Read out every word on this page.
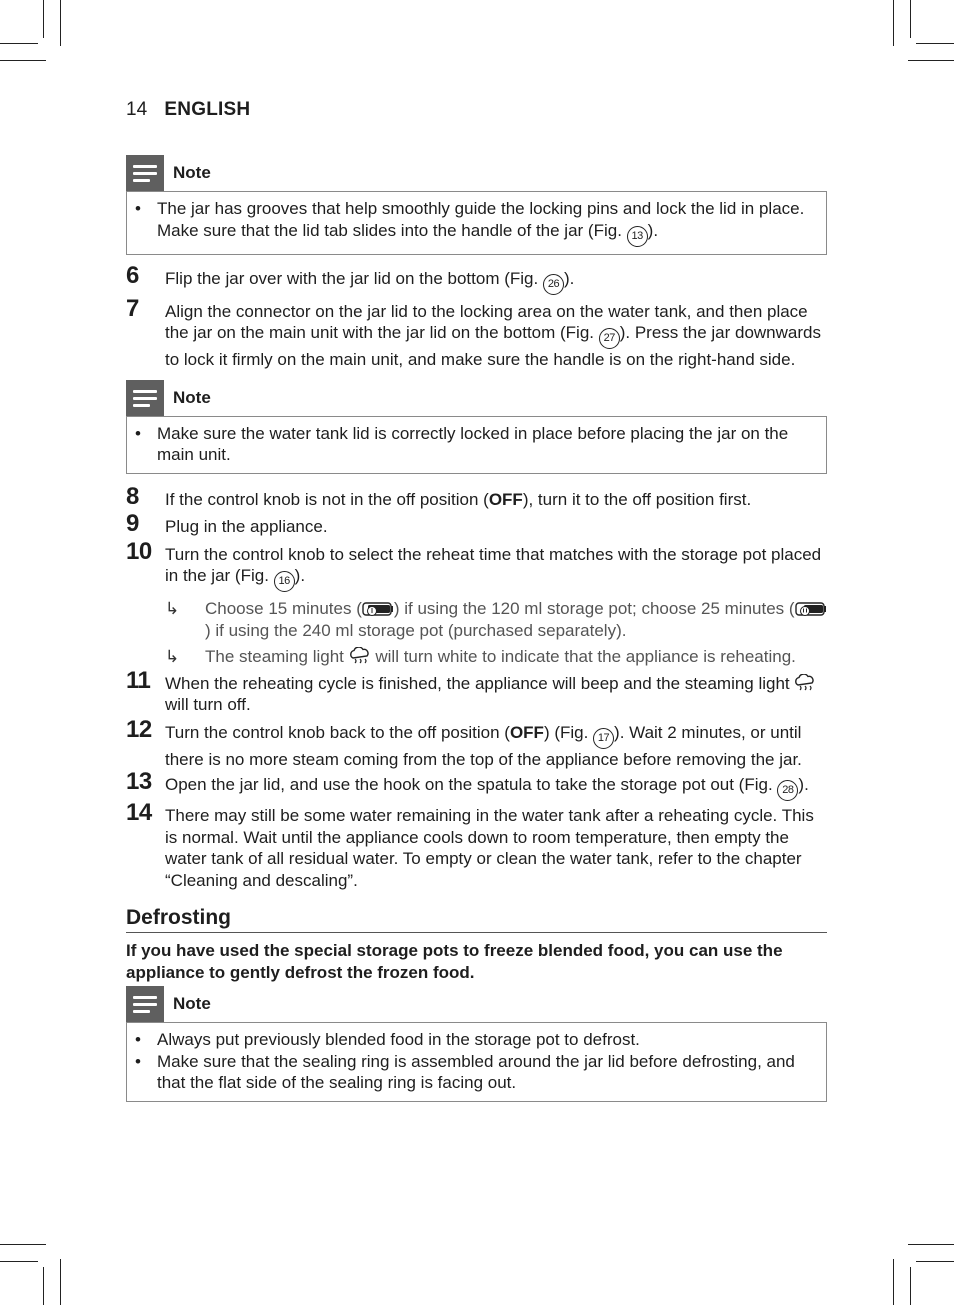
14 ENGLISH
Note

• The jar has grooves that help smoothly guide the locking pins and lock the lid in place. Make sure that the lid tab slides into the handle of the jar (Fig. 13 ).

6 Flip the jar over with the jar lid on the bottom (Fig. 26 ).
7 Align the connector on the jar lid to the locking area on the water tank, and then place the jar on the main unit with the jar lid on the bottom (Fig. 27 ). Press the jar downwards to lock it firmly on the main unit, and make sure the handle is on the right-hand side.
Note

• Make sure the water tank lid is correctly locked in place before placing the jar on the main unit.

8 If the control knob is not in the off position (OFF), turn it to the off position first.
9 Plug in the appliance.
10 Turn the control knob to select the reheat time that matches with the storage pot placed in the jar (Fig. 16 ).
↳ Choose 15 minutes ( ) if using the 120 ml storage pot; choose 25 minutes () if using the 240 ml storage pot (purchased separately).
↳ The steaming light  will turn white to indicate that the appliance is reheating.
11 When the reheating cycle is finished, the appliance will beep and the steaming light  will turn off.
12 Turn the control knob back to the off position (OFF) (Fig. 17 ). Wait 2 minutes, or until there is no more steam coming from the top of the appliance before removing the jar.
13 Open the jar lid, and use the hook on the spatula to take the storage pot out (Fig. 28 ).
14 There may still be some water remaining in the water tank after a reheating cycle. This is normal. Wait until the appliance cools down to room temperature, then empty the water tank of all residual water. To empty or clean the water tank, refer to the chapter “Cleaning and descaling”.
Defrosting
If you have used the special storage pots to freeze blended food, you can use the appliance to gently defrost the frozen food.
Note

• Always put previously blended food in the storage pot to defrost.

• Make sure that the sealing ring is assembled around the jar lid before defrosting, and that the flat side of the sealing ring is facing out.
